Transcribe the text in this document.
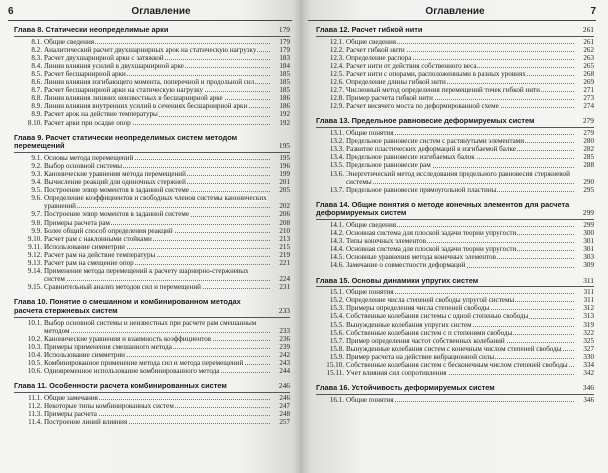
6	Оглавление
Глава 8. Статически неопределимые арки	179
8.1. Общие сведения	179
8.2. Аналитический расчет двухшарнирных арок на статическую нагрузку	179
8.3. Расчет двухшарнирной арки с затяжкой	183
8.4. Линии влияния усилий в двухшарнирной арке	184
8.5. Расчет бесшарнирной арки	185
8.6. Линии влияния изгибающего момента, поперечной и продольной сил	185
8.7. Расчет бесшарнирной арки на статическую нагрузку	185
8.8. Линии влияния лишних неизвестных в бесшарнирной арке	186
8.9. Линии влияния внутренних усилий в сечениях бесшарнирной арки	186
8.9. Расчет арок на действие температуры	192
8.10. Расчет арки при осадке опор	192
Глава 9. Расчет статически неопределимых систем методом перемещений	195
9.1. Основы метода перемещений	195
9.2. Выбор основной системы	196
9.3. Канонические уравнения метода перемещений	199
9.4. Вычисление реакций для одиночных стержней	201
9.5. Построение эпюр моментов в заданной системе	205
9.6. Определение коэффициентов и свободных членов системы канонических уравнений	202
9.7. Построение эпюр моментов в заданной системе	206
9.8. Примеры расчета рам	208
9.9. Более общий способ определения реакций	210
9.10. Расчет рам с наклонными стойками	213
9.11. Использование симметрии	215
9.12. Расчет рам на действие температуры	219
9.13. Расчет рам на смещение опор	221
9.14. Применение метода перемещений к расчету шарнирно-стержневых систем	224
9.15. Сравнительный анализ методов сил и перемещений	231
Глава 10. Понятие о смешанном и комбинированном методах расчета стержневых систем	233
10.1. Выбор основной системы и неизвестных при расчете рам смешанным методом	233
10.2. Канонические уравнения и взаимность коэффициентов	236
10.3. Примеры применения смешанного метода	239
10.4. Использование симметрии	242
10.5. Комбинированное применение метода сил и метода перемещений	243
10.6. Одновременное использование комбинированного метода	244
Глава 11. Особенности расчета комбинированных систем	246
11.1. Общие замечания	246
11.2. Некоторые типы комбинированных систем	247
11.3. Примеры расчета	248
11.4. Построение линий влияния	257
Оглавление	7
Глава 12. Расчет гибкой нити	261
12.1. Общие сведения	261
12.2. Расчет гибкой нити	262
12.3. Определение распора	263
12.4. Расчет нити от действия собственного веса	265
12.5. Расчет нити с опорами, расположенными в разных уровнях	268
12.6. Определение длины гибкой нити	269
12.7. Численный метод определения перемещений точек гибкой нити	271
12.8. Пример расчета гибкой нити	273
12.9. Расчет висячего моста по деформированной схеме	274
Глава 13. Предельное равновесие деформируемых систем	279
13.1. Общие понятия	279
13.2. Предельное равновесие систем с растянутыми элементами	280
13.3. Развитие пластических деформаций в изгибаемой балке	282
13.4. Предельное равновесие изгибаемых балок	285
13.5. Предельное равновесие рам	288
13.6. Энергетический метод исследования предельного равновесия стержневой системы	290
13.7. Предельное равновесие прямоугольной пластины	295
Глава 14. Общие понятия о методе конечных элементов для расчета деформируемых систем	299
14.1. Общие сведения	299
14.2. Основная система для плоской задачи теории упругости	300
14.3. Типы конечных элементов	301
14.4. Основная система для плоской задачи теории упругости	301
14.5. Основные уравнения метода конечных элементов	303
14.6. Замечание о совместности деформаций	309
Глава 15. Основы динамики упругих систем	311
15.1. Общие понятия	311
15.2. Определение числа степеней свободы упругой системы	311
15.3. Примеры определения числа степеней свободы	312
15.4. Собственные колебания системы с одной степенью свободы	313
15.5. Вынужденные колебания упругих систем	319
15.6. Собственные колебания систем с п степенями свободы	322
15.7. Пример определения частот собственных колебаний	325
15.8. Вынужденные колебания систем с конечным числом степеней свободы	327
15.9. Пример расчета на действие вибрационной силы	330
15.10. Собственные колебания систем с бесконечным числом степеней свободы	334
15.11. Учет влияния сил сопротивления	342
Глава 16. Устойчивость деформируемых систем	346
16.1. Общие понятия	346
